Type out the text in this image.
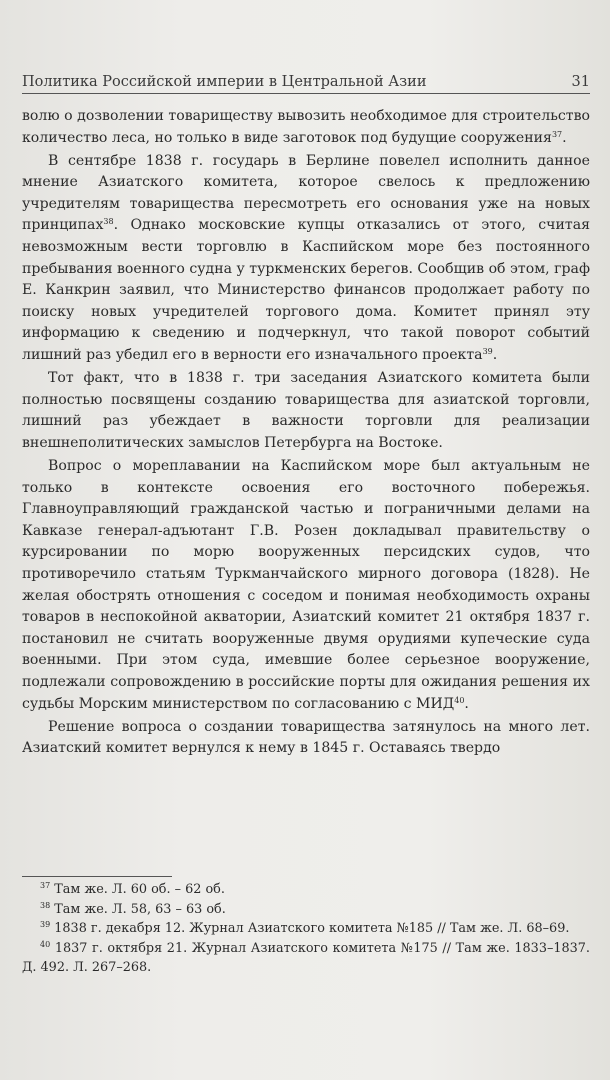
Политика Российской империи в Центральной Азии	31

волю о дозволении товариществу вывозить необходимое для строительство количество леса, но только в виде заготовок под будущие сооружения$^{37}$.

В сентябре 1838 г. государь в Берлине повелел исполнить данное мнение Азиатского комитета, которое свелось к предложению учредителям товарищества пересмотреть его основания уже на новых принципах$^{38}$. Однако московские купцы отказались от этого, считая невозможным вести торговлю в Каспийском море без постоянного пребывания военного судна у туркменских берегов. Сообщив об этом, граф Е. Канкрин заявил, что Министерство финансов продолжает работу по поиску новых учредителей торгового дома. Комитет принял эту информацию к сведению и подчеркнул, что такой поворот событий лишний раз убедил его в верности его изначального проекта$^{39}$.

Тот факт, что в 1838 г. три заседания Азиатского комитета были полностью посвящены созданию товарищества для азиатской торговли, лишний раз убеждает в важности торговли для реализации внешнеполитических замыслов Петербурга на Востоке.

Вопрос о мореплавании на Каспийском море был актуальным не только в контексте освоения его восточного побережья. Главноуправляющий гражданской частью и пограничными делами на Кавказе генерал-адъютант Г.В. Розен докладывал правительству о курсировании по морю вооруженных персидских судов, что противоречило статьям Туркманчайского мирного договора (1828). Не желая обострять отношения с соседом и понимая необходимость охраны товаров в неспокойной акватории, Азиатский комитет 21 октября 1837 г. постановил не считать вооруженные двумя орудиями купеческие суда военными. При этом суда, имевшие более серьезное вооружение, подлежали сопровождению в российские порты для ожидания решения их судьбы Морским министерством по согласованию с МИД$^{40}$.

Решение вопроса о создании товарищества затянулось на много лет. Азиатский комитет вернулся к нему в 1845 г. Оставаясь твердо

$^{37}$ Там же. Л. 60 об. – 62 об.

$^{38}$ Там же. Л. 58, 63 – 63 об.

$^{39}$ 1838 г. декабря 12. Журнал Азиатского комитета №185 // Там же. Л. 68–69.

$^{40}$ 1837 г. октября 21. Журнал Азиатского комитета №175 // Там же. 1833–1837. Д. 492. Л. 267–268.
